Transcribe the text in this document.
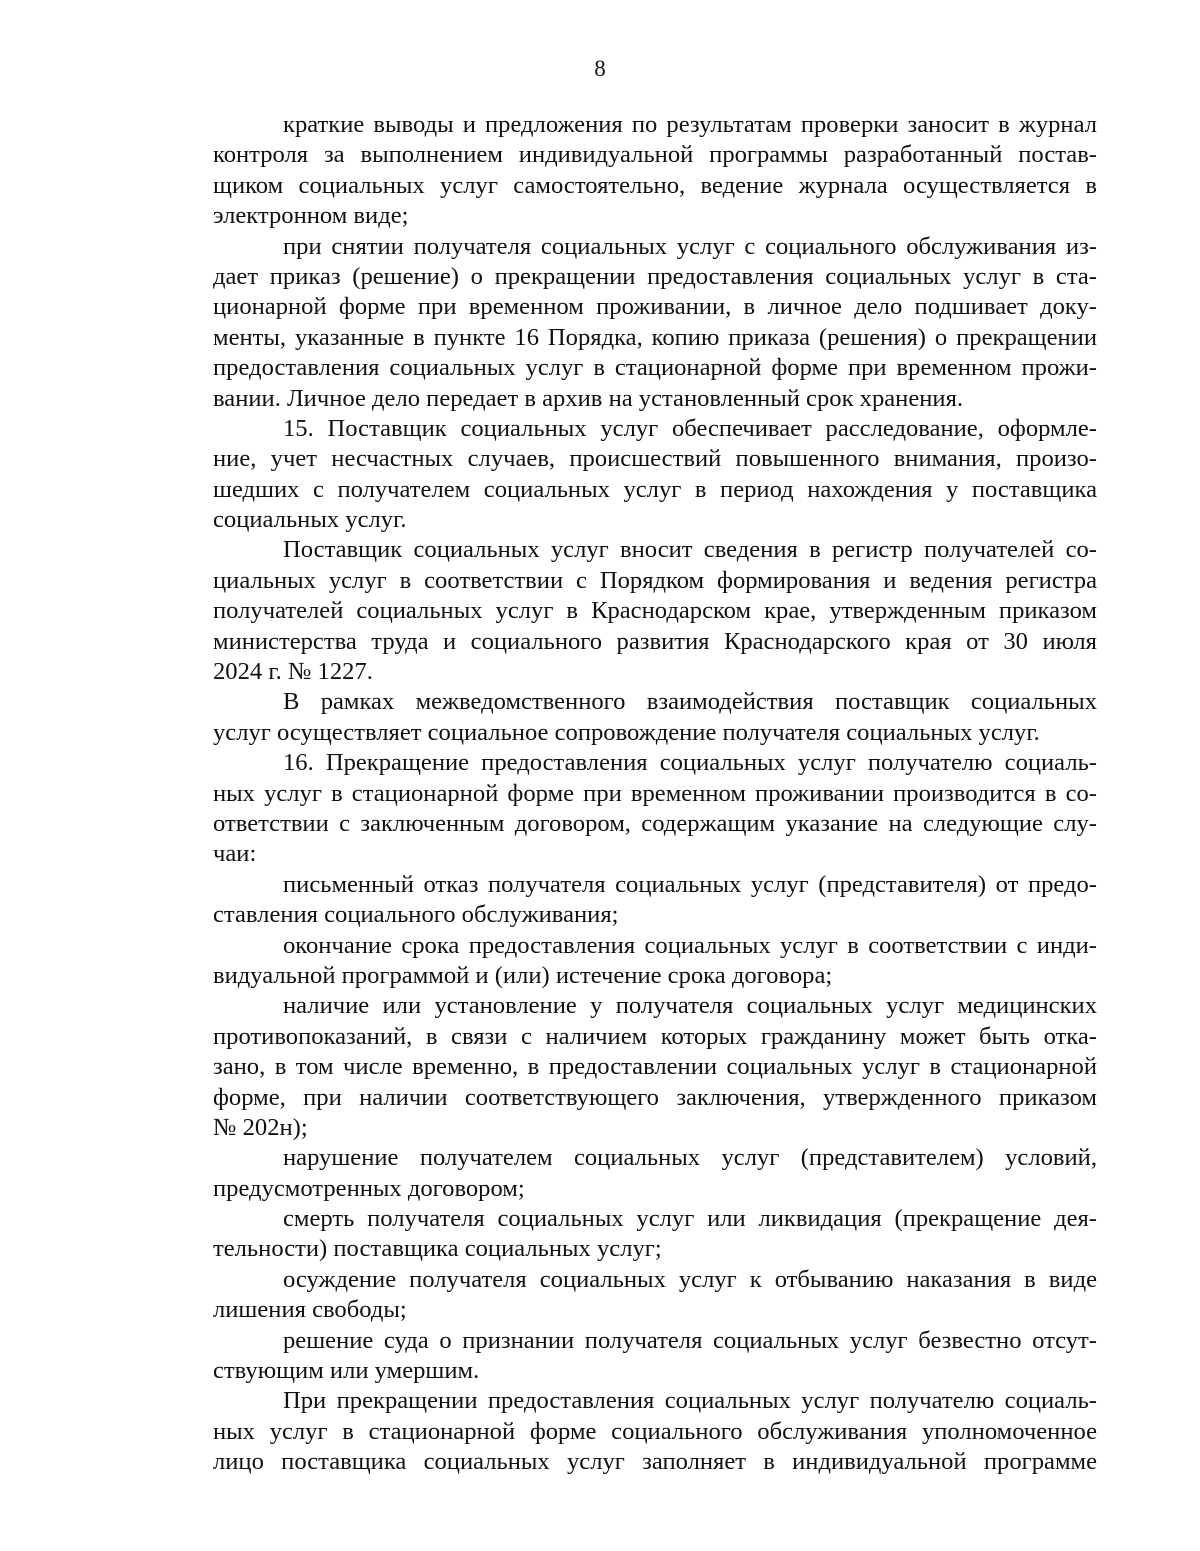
8
краткие выводы и предложения по результатам проверки заносит в журнал
контроля за выполнением индивидуальной программы разработанный постав-
щиком социальных услуг самостоятельно, ведение журнала осуществляется в
электронном виде;
при снятии получателя социальных услуг с социального обслуживания из-
дает приказ (решение) о прекращении предоставления социальных услуг в ста-
ционарной форме при временном проживании, в личное дело подшивает доку-
менты, указанные в пункте 16 Порядка, копию приказа (решения) о прекращении
предоставления социальных услуг в стационарной форме при временном прожи-
вании. Личное дело передает в архив на установленный срок хранения.
15. Поставщик социальных услуг обеспечивает расследование, оформле-
ние, учет несчастных случаев, происшествий повышенного внимания, произо-
шедших с получателем социальных услуг в период нахождения у поставщика
социальных услуг.
Поставщик социальных услуг вносит сведения в регистр получателей со-
циальных услуг в соответствии с Порядком формирования и ведения регистра
получателей социальных услуг в Краснодарском крае, утвержденным приказом
министерства труда и социального развития Краснодарского края от 30 июля
2024 г. № 1227.
В рамках межведомственного взаимодействия поставщик социальных
услуг осуществляет социальное сопровождение получателя социальных услуг.
16. Прекращение предоставления социальных услуг получателю социаль-
ных услуг в стационарной форме при временном проживании производится в со-
ответствии с заключенным договором, содержащим указание на следующие слу-
чаи:
письменный отказ получателя социальных услуг (представителя) от предо-
ставления социального обслуживания;
окончание срока предоставления социальных услуг в соответствии с инди-
видуальной программой и (или) истечение срока договора;
наличие или установление у получателя социальных услуг медицинских
противопоказаний, в связи с наличием которых гражданину может быть отка-
зано, в том числе временно, в предоставлении социальных услуг в стационарной
форме, при наличии соответствующего заключения, утвержденного приказом
№ 202н);
нарушение получателем социальных услуг (представителем) условий,
предусмотренных договором;
смерть получателя социальных услуг или ликвидация (прекращение дея-
тельности) поставщика социальных услуг;
осуждение получателя социальных услуг к отбыванию наказания в виде
лишения свободы;
решение суда о признании получателя социальных услуг безвестно отсут-
ствующим или умершим.
При прекращении предоставления социальных услуг получателю социаль-
ных услуг в стационарной форме социального обслуживания уполномоченное
лицо поставщика социальных услуг заполняет в индивидуальной программе
